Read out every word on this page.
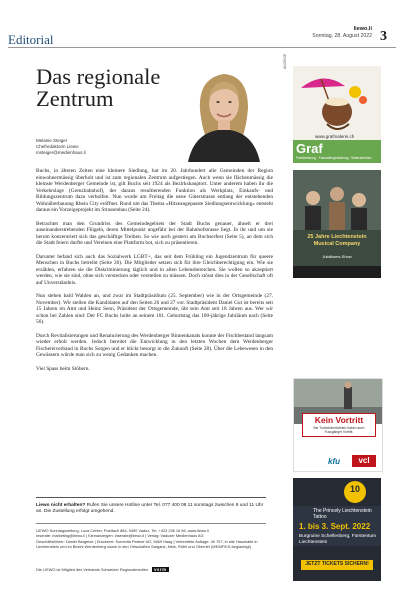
Editorial
liewo.li
Sonntag, 28. August 2022 3
Das regionale Zentrum
Melanie Steiger
Chefredaktorin Liewo
msteiger@medienhaus.li

Buchs, in älteren Zeiten eine kleinere Siedlung, hat im 20. Jahrhundert alle Gemeinden der Region einwohnermässig überholt und ist zum regionalen Zentrum aufgestiegen. Auch wenn sie flächenmässig die kleinste Werdenberger Gemeinde ist, gilt Buchs seit 1924 als Bezirkshauptort. Unter anderem haben ihr die Verkehrslage (Grenzbahnhof), der daraus resultierenden Funktion als Werkplatz, Einkaufs- und Bildungszentrum dazu verholfen. Nun wurde am Freitag die neue Güterstrasse entlang der entstehenden Wohnüberbauung Rhein City eröffnet. Rund um das Thema «Hitzeangepasste Siedlungsentwicklung» entsteht daraus ein Vorzeigeprojekt im Strassenbau (Seite 24).

Betrachtet man den Grundriss des Gemeindegebiets der Stadt Buchs genauer, ähnelt er drei auseinanderstrebenden Flügeln, deren Mittelpunkt ungefähr bei der Bahnhofstrasse liegt. In ihr und um sie herum konzentriert sich das geschäftige Treiben. So wie auch gestern am Buchserfest (Seite 5), an dem sich die Stadt feiern durfte und Vereinen eine Plattform bot, sich zu präsentieren.

Darunter befand sich auch das Sozialwerk LGBT+, das seit dem Frühling ein Jugendzentrum für queere Menschen in Buchs betreibt (Seite 30). Die Mitglieder setzen sich für ihre Gleichberechtigung ein. Wie sie erzählen, erfahren sie die Diskriminierung täglich und in allen Lebensbereichen. Sie wollen so akzeptiert werden, wie sie sind, ohne sich verstecken oder verstellen zu müssen. Doch stösst dies in der Gesellschaft oft auf Unverständnis.

Nun stehen bald Wahlen an, und zwar im Stadtpräsidium (25. September) wie in der Ortsgemeinde (27. November). Wir stellen die Kandidaten auf den Seiten 26 und 27 vor. Stadtpräsident Daniel Gut ist bereits seit 15 Jahren im Amt und Heinz Senn, Präsident der Ortsgemeinde, übt sein Amt seit 18 Jahren aus. Wer wir schon bei Zahlen sind: Der FC Buchs holte an seinem 101. Geburtstag das 100-jährige Jubiläum nach (Seite 56).

Durch Revitalisierungen und Renaturierung des Werdenberger Binnenkanals konnte der Fischbestand langsam wieder erholt werden. Jedoch bereitet die Entwicklung in den letzten Wochen dem Werdenberger Fischereiverband in Buchs Sorgen und er blickt besorgt in die Zukunft (Seite 28). Über die Lebewesen in den Gewässern würde man sich zu wenig Gedanken machen.

Viel Spass beim Stöbern.

Liewo nicht erhalten? Rufen Sie unsere Hotline unter Tel. 077 400 08 11 sonntags zwischen 9 und 11 Uhr an. Die Zustellung erfolgt umgehend.
LIEWO Sonntagszeitung, Lova Center, Postfach 884, 9490 Vaduz, Tel. +423 236 16 96, www.liewo.li
Inserate: marketing@liewo.li | Kleinanzeigen: inserate@liewo.li | Verlag: Vaduzer Medienhaus AG
Geschäftsführer: Daniel Bargetze | Druckerei: Somedia Partner AG, 9469 Haag | Verbreitete Auflage: 40 797, in alle Haushalte in Liechtenstein und im Bezirk Werdenberg sowie in den Ortschaften Sargans, Mels, Rüthi und Oberriet (WEMF/KS-beglaubigt)
Die LIEWO ist Mitglied des Verbands Schweizer Regionalmedien vsrm
ANZEIGE
www.grafmalerei.ch
Graf
Farbberatung · Fassadengestaltung · Malerarbeiten
25 Jahre Liechtenstein Musical Company
Jubiläums-Show
Kein Vortritt
Bei Trottoirüberfahrten haben auch Fussgänger Vortritt.
kfu	vcl
10
The Princely Liechtenstein Tattoo
1. bis 3. Sept. 2022
Burgruine Schellenberg, Fürstentum Liechtenstein
JETZT TICKETS SICHERN!
